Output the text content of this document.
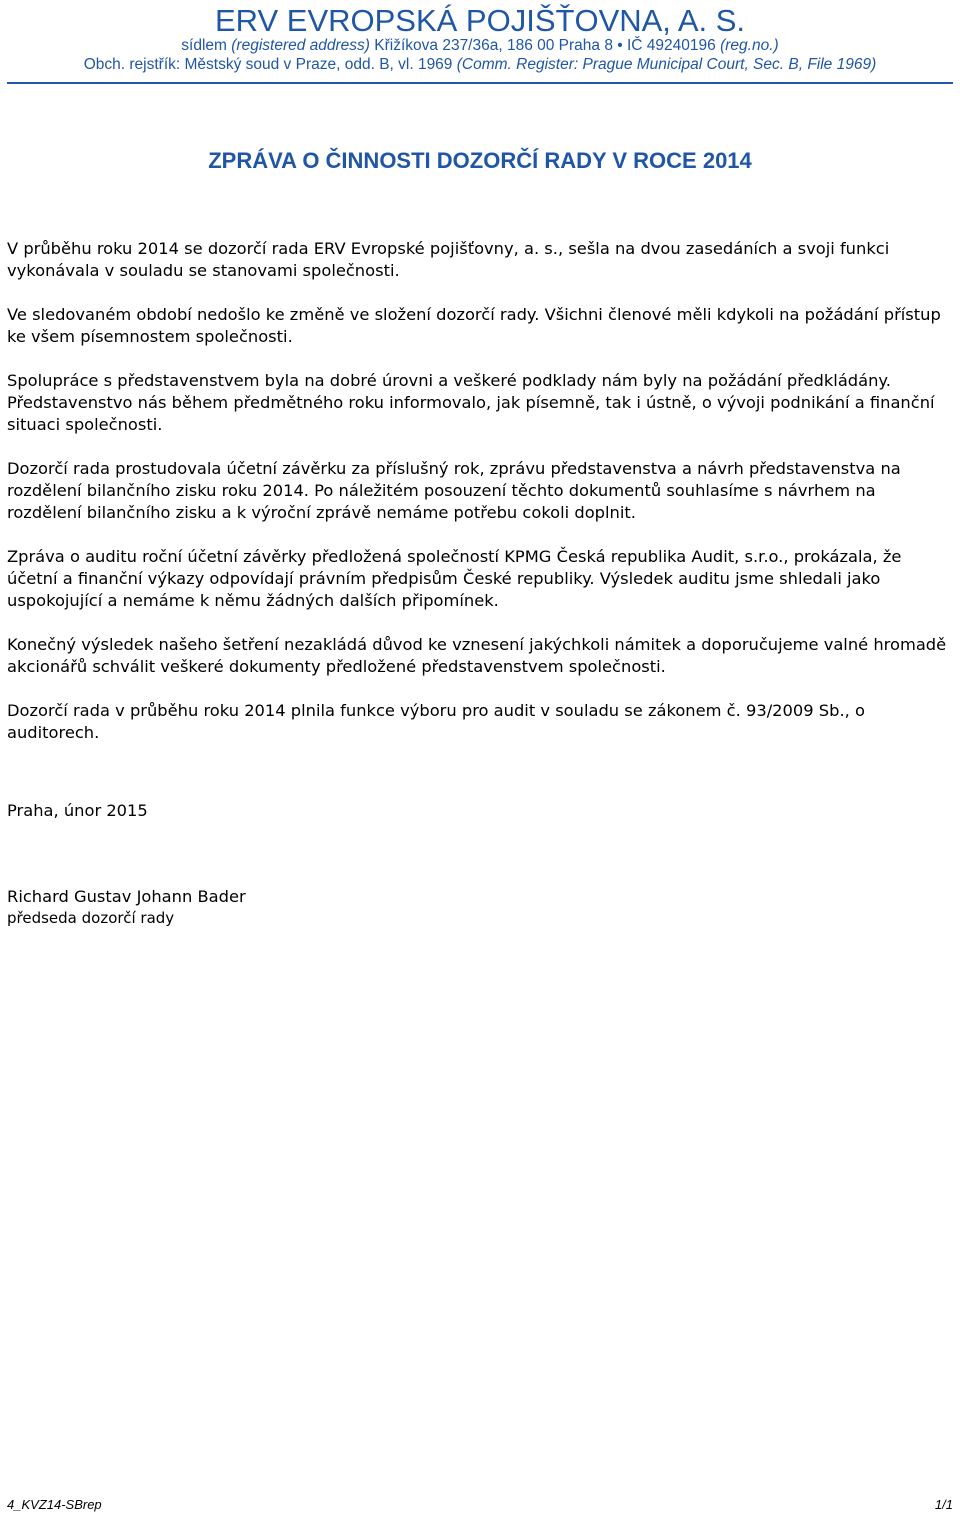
ERV EVROPSKÁ POJIŠŤOVNA, A. S.
sídlem (registered address) Křižíkova 237/36a, 186 00 Praha 8 • IČ 49240196 (reg.no.)
Obch. rejstřík: Městský soud v Praze, odd. B, vl. 1969 (Comm. Register: Prague Municipal Court, Sec. B, File 1969)
ZPRÁVA O ČINNOSTI DOZORČÍ RADY V ROCE 2014

V průběhu roku 2014 se dozorčí rada ERV Evropské pojišťovny, a. s., sešla na dvou zasedáních a svoji funkci vykonávala v souladu se stanovami společnosti.

Ve sledovaném období nedošlo ke změně ve složení dozorčí rady. Všichni členové měli kdykoli na požádání přístup ke všem písemnostem společnosti.

Spolupráce s představenstvem byla na dobré úrovni a veškeré podklady nám byly na požádání předkládány. Představenstvo nás během předmětného roku informovalo, jak písemně, tak i ústně, o vývoji podnikání a finanční situaci společnosti.

Dozorčí rada prostudovala účetní závěrku za příslušný rok, zprávu představenstva a návrh představenstva na rozdělení bilančního zisku roku 2014. Po náležitém posouzení těchto dokumentů souhlasíme s návrhem na rozdělení bilančního zisku a k výroční zprávě nemáme potřebu cokoli doplnit.

Zpráva o auditu roční účetní závěrky předložená společností KPMG Česká republika Audit, s.r.o., prokázala, že účetní a finanční výkazy odpovídají právním předpisům České republiky. Výsledek auditu jsme shledali jako uspokojující a nemáme k němu žádných dalších připomínek.

Konečný výsledek našeho šetření nezakládá důvod ke vznesení jakýchkoli námitek a doporučujeme valné hromadě akcionářů schválit veškeré dokumenty předložené představenstvem společnosti.

Dozorčí rada v průběhu roku 2014 plnila funkce výboru pro audit v souladu se zákonem č. 93/2009 Sb., o auditorech.

Praha, únor 2015
Richard Gustav Johann Bader
předseda dozorčí rady
4_KVZ14-SBrep	1/1
